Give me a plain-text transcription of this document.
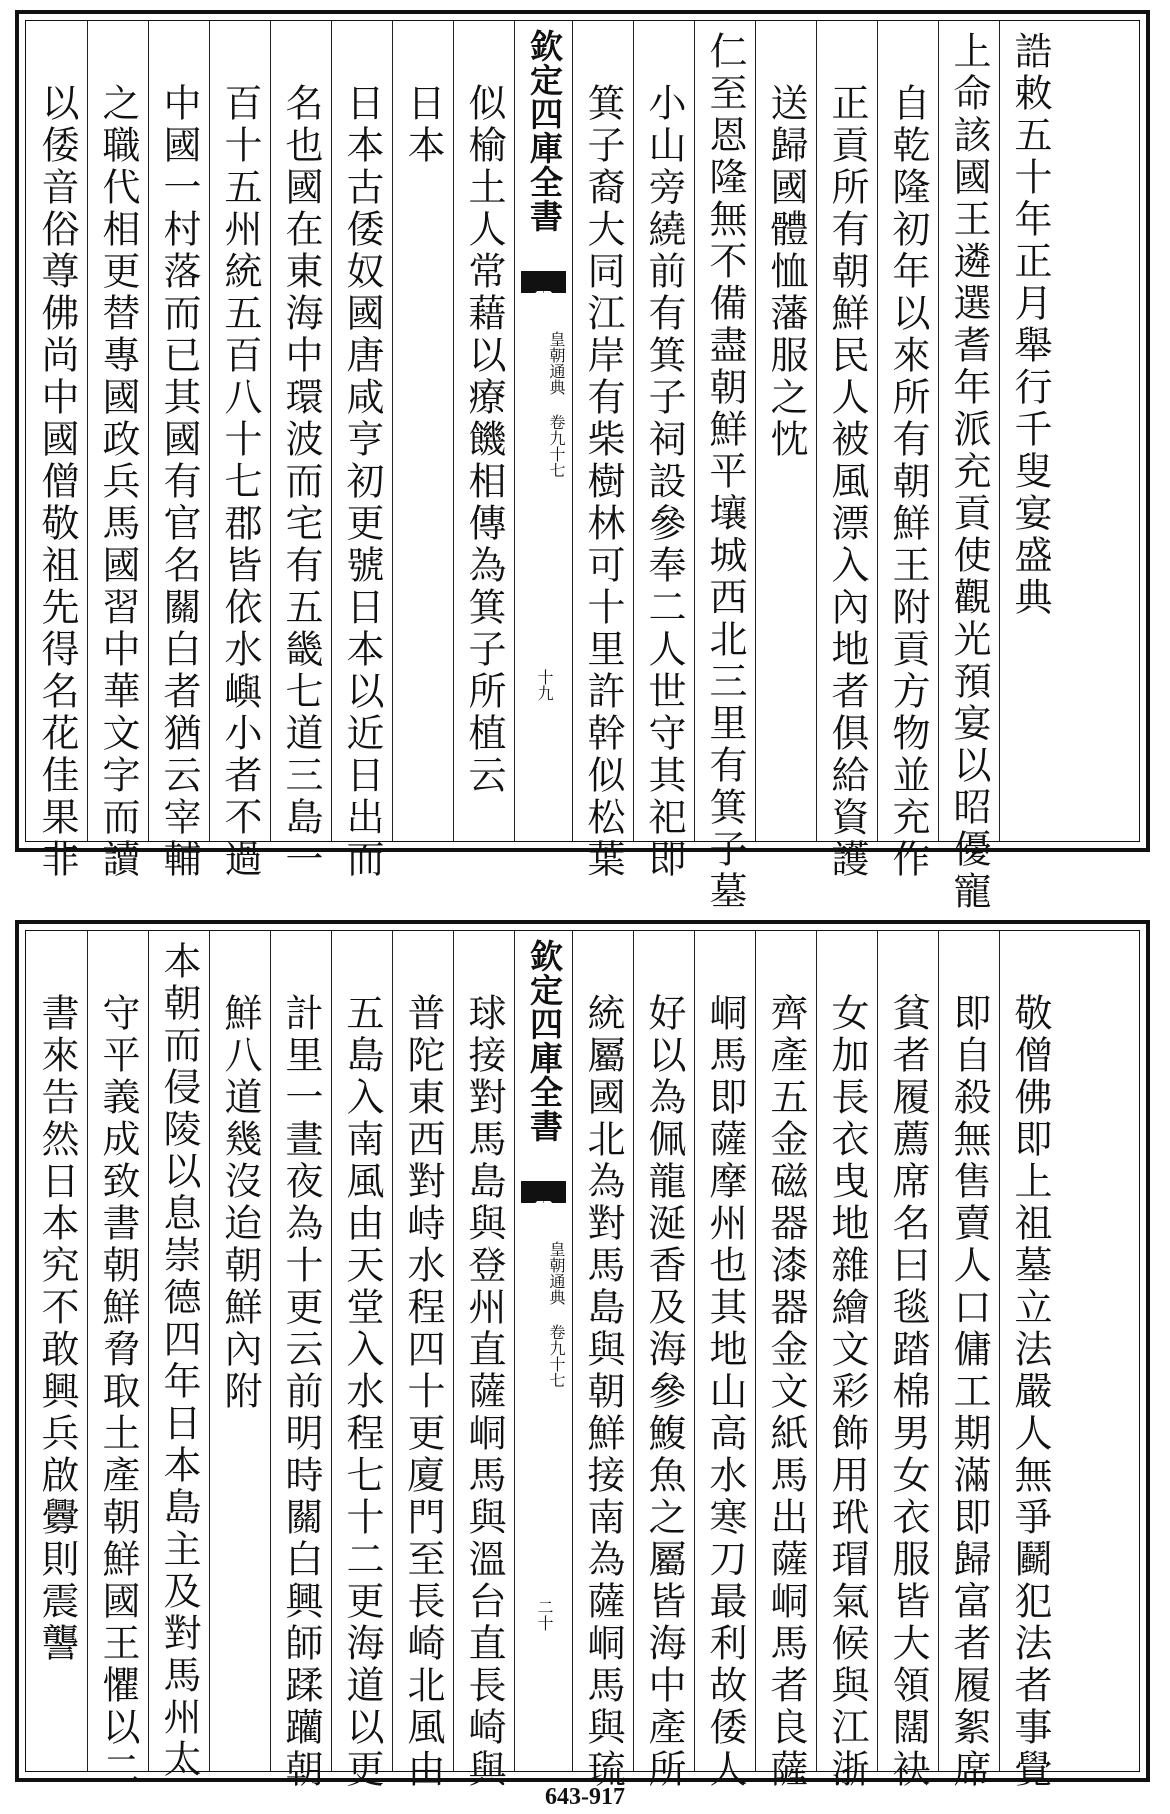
以倭音俗尊佛尚中國僧敬祖先得名花佳果非 之職代相更替專國政兵馬國習中華文字而讀 中國一村落而已其國有官名關白者猶云宰輔 百十五州統五百八十七郡皆依水嶼小者不過 名也國在東海中環波而宅有五畿七道三島一 日本古倭奴國唐咸亨初更號日本以近日出而 日本 似榆土人常藉以療饑相傳為箕子所植云 欽定四庫全書
皇朝通典 卷九十七
十九 箕子裔大同江岸有柴樹林可十里許幹似松葉 小山旁繞前有箕子祠設參奉二人世守其祀即 仁至恩隆無不備盡朝鮮平壤城西北三里有箕子墓 送歸國體恤藩服之忱 正貢所有朝鮮民人被風漂入內地者俱給資護 自乾隆初年以來所有朝鮮王附貢方物並充作 上命該國王遴選耆年派充貢使觀光預宴以昭優寵 誥敕五十年正月舉行千叟宴盛典
書來告然日本究不敢興兵啟釁則震讋 守平義成致書朝鮮脅取土產朝鮮國王懼以二 本朝而侵陵以息崇德四年日本島主及對馬州太 鮮八道幾沒迨朝鮮內附 計里一晝夜為十更云前明時關白興師蹂躪朝 五島入南風由天堂入水程七十二更海道以更 普陀東西對峙水程四十更廈門至長崎北風由 球接對馬島與登州直薩峒馬與溫台直長崎與 欽定四庫全書
皇朝通典 卷九十七
二十 統屬國北為對馬島與朝鮮接南為薩峒馬與琉 好以為佩龍涎香及海參鰒魚之屬皆海中產所 峒馬即薩摩州也其地山高水寒刀最利故倭人 齊產五金磁器漆器金文紙馬出薩峒馬者良薩 女加長衣曳地雜繪文彩飾用玳瑁氣候與江浙 貧者履薦席名曰毯踏棉男女衣服皆大領闊袂 即自殺無售賣人口傭工期滿即歸富者履絮席 敬僧佛即上祖墓立法嚴人無爭鬬犯法者事覺
643-917
